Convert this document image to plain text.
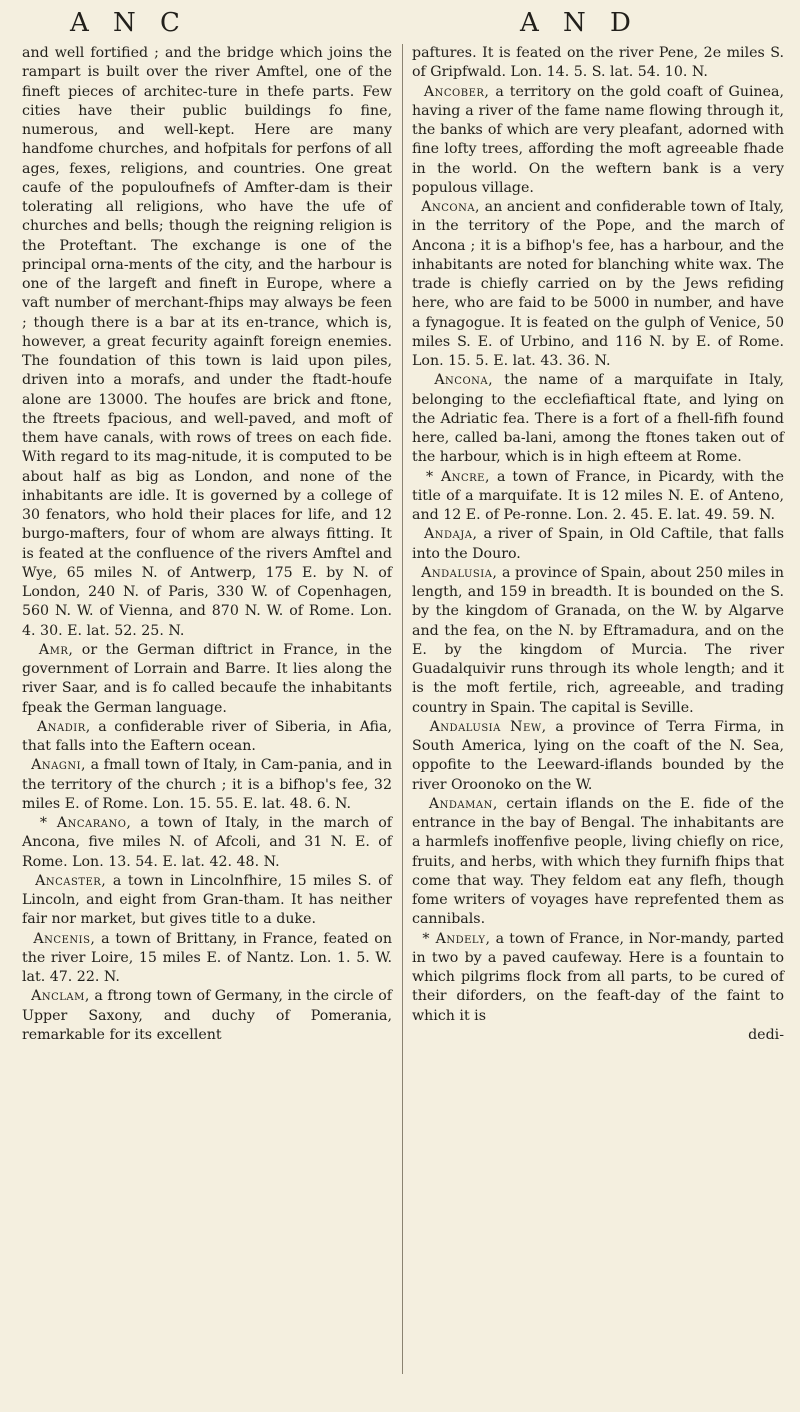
A N C	A N D

and well fortified ; and the bridge which joins the rampart is built over the river Amftel, one of the fineft pieces of architec-ture in thefe parts. Few cities have their public buildings fo fine, numerous, and well-kept. Here are many handfome churches, and hofpitals for perfons of all ages, fexes, religions, and countries. One great caufe of the populoufnefs of Amfter-dam is their tolerating all religions, who have the ufe of churches and bells; though the reigning religion is the Proteftant. The exchange is one of the principal orna-ments of the city, and the harbour is one of the largeft and fineft in Europe, where a vaft number of merchant-fhips may always be feen ; though there is a bar at its en-trance, which is, however, a great fecurity againft foreign enemies. The foundation of this town is laid upon piles, driven into a morafs, and under the ftadt-houfe alone are 13000. The houfes are brick and ftone, the ftreets fpacious, and well-paved, and moft of them have canals, with rows of trees on each fide. With regard to its mag-nitude, it is computed to be about half as big as London, and none of the inhabitants are idle. It is governed by a college of 30 fenators, who hold their places for life, and 12 burgo-mafters, four of whom are always fitting. It is feated at the confluence of the rivers Amftel and Wye, 65 miles N. of Antwerp, 175 E. by N. of London, 240 N. of Paris, 330 W. of Copenhagen, 560 N. W. of Vienna, and 870 N. W. of Rome. Lon. 4. 30. E. lat. 52. 25. N.

Amr, or the German diftrict in France, in the government of Lorrain and Barre. It lies along the river Saar, and is fo called becaufe the inhabitants fpeak the German language.

Anadir, a confiderable river of Siberia, in Afia, that falls into the Eaftern ocean.

Anagni, a fmall town of Italy, in Cam-pania, and in the territory of the church ; it is a bifhop's fee, 32 miles E. of Rome. Lon. 15. 55. E. lat. 48. 6. N.

* Ancarano, a town of Italy, in the march of Ancona, five miles N. of Afcoli, and 31 N. E. of Rome. Lon. 13. 54. E. lat. 42. 48. N.

Ancaster, a town in Lincolnfhire, 15 miles S. of Lincoln, and eight from Gran-tham. It has neither fair nor market, but gives title to a duke.

Ancenis, a town of Brittany, in France, feated on the river Loire, 15 miles E. of Nantz. Lon. 1. 5. W. lat. 47. 22. N.

Anclam, a ftrong town of Germany, in the circle of Upper Saxony, and duchy of Pomerania, remarkable for its excellent

paftures. It is feated on the river Pene, 2e miles S. of Gripfwald. Lon. 14. 5. S. lat. 54. 10. N.

Ancober, a territory on the gold coaft of Guinea, having a river of the fame name flowing through it, the banks of which are very pleafant, adorned with fine lofty trees, affording the moft agreeable fhade in the world. On the weftern bank is a very populous village.

Ancona, an ancient and confiderable town of Italy, in the territory of the Pope, and the march of Ancona ; it is a bifhop's fee, has a harbour, and the inhabitants are noted for blanching white wax. The trade is chiefly carried on by the Jews refiding here, who are faid to be 5000 in number, and have a fynagogue. It is feated on the gulph of Venice, 50 miles S. E. of Urbino, and 116 N. by E. of Rome. Lon. 15. 5. E. lat. 43. 36. N.

Ancona, the name of a marquifate in Italy, belonging to the ecclefiaftical ftate, and lying on the Adriatic fea. There is a fort of a fhell-fifh found here, called ba-lani, among the ftones taken out of the harbour, which is in high efteem at Rome.

* Ancre, a town of France, in Picardy, with the title of a marquifate. It is 12 miles N. E. of Anteno, and 12 E. of Pe-ronne. Lon. 2. 45. E. lat. 49. 59. N.

Andaja, a river of Spain, in Old Caftile, that falls into the Douro.

Andalusia, a province of Spain, about 250 miles in length, and 159 in breadth. It is bounded on the S. by the kingdom of Granada, on the W. by Algarve and the fea, on the N. by Eftramadura, and on the E. by the kingdom of Murcia. The river Guadalquivir runs through its whole length; and it is the moft fertile, rich, agreeable, and trading country in Spain. The capital is Seville.

Andalusia New, a province of Terra Firma, in South America, lying on the coaft of the N. Sea, oppofite to the Leeward-iflands bounded by the river Oroonoko on the W.

Andaman, certain iflands on the E. fide of the entrance in the bay of Bengal. The inhabitants are a harmlefs inoffenfive people, living chiefly on rice, fruits, and herbs, with which they furnifh fhips that come that way. They feldom eat any flefh, though fome writers of voyages have reprefented them as cannibals.

* Andely, a town of France, in Nor-mandy, parted in two by a paved caufeway. Here is a fountain to which pilgrims flock from all parts, to be cured of their diforders, on the feaft-day of the faint to which it is

dedi-
